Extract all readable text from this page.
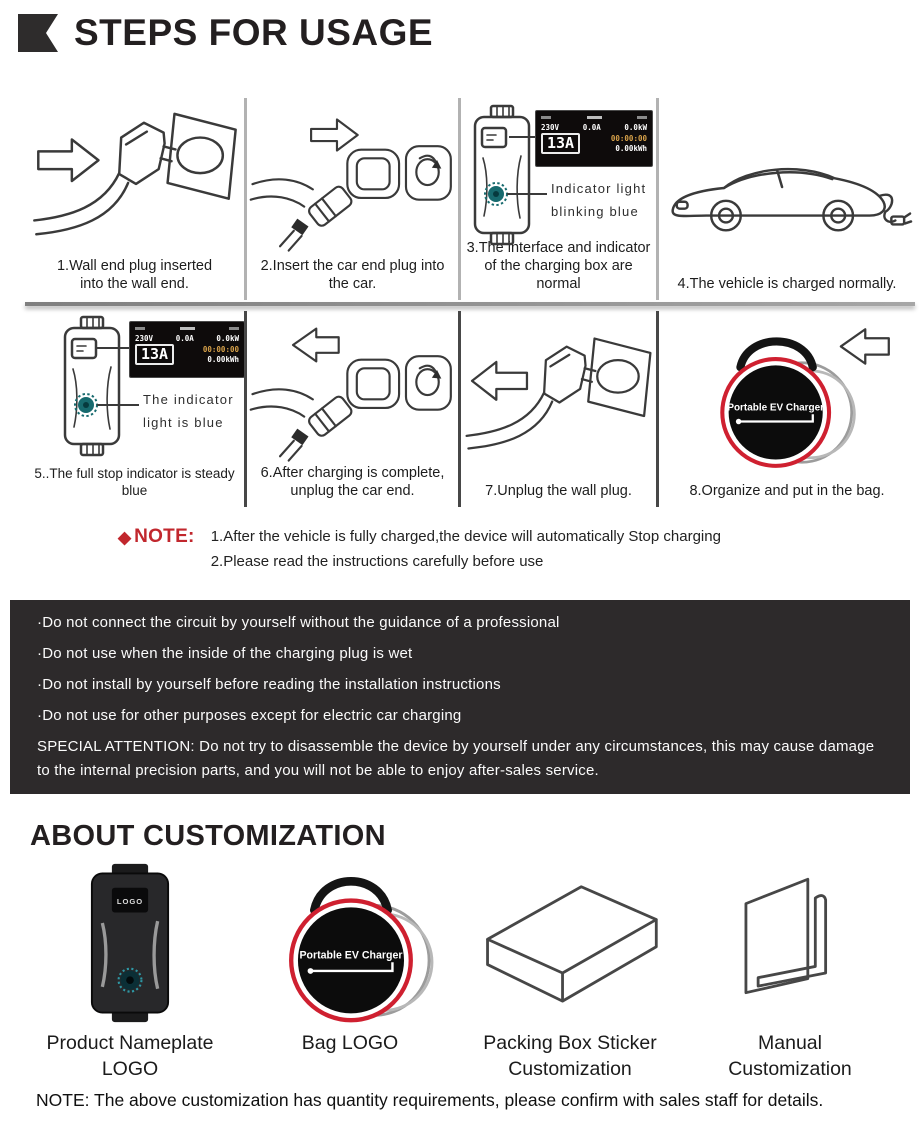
STEPS FOR USAGE
1.Wall end plug inserted into the wall end.
2.Insert the car end plug into the car.
230V	0.0A	0.0kW
13A	00:00:00
0.00kWh
Indicator light
blinking blue
3.The interface and indicator of the charging box are normal	4.The vehicle is charged normally.
230V	0.0A	0.0kW
13A	00:00:00
0.00kWh
The indicator
light is blue
5..The full stop indicator is steady blue
6.After charging is complete, unplug the car end.	7.Unplug the wall plug.
Portable EV Charger
8.Organize and put in the bag.
◆ NOTE: 1.After the vehicle is fully charged,the device will automatically Stop charging
2.Please read the instructions carefully before use

·Do not connect the circuit by yourself without the guidance of a professional

·Do not use when the inside of the charging plug is wet

·Do not install by yourself before reading the installation instructions

·Do not use for other purposes except for electric car charging

SPECIAL ATTENTION: Do not try to disassemble the device by yourself under any circumstances, this may cause damage to the internal precision parts, and you will not be able to enjoy after-sales service.

ABOUT CUSTOMIZATION
LOGO
Product Nameplate LOGO
Portable EV Charger
Bag LOGO	Packing Box Sticker Customization
Manual Customization
NOTE: The above customization has quantity requirements, please confirm with sales staff for details.
